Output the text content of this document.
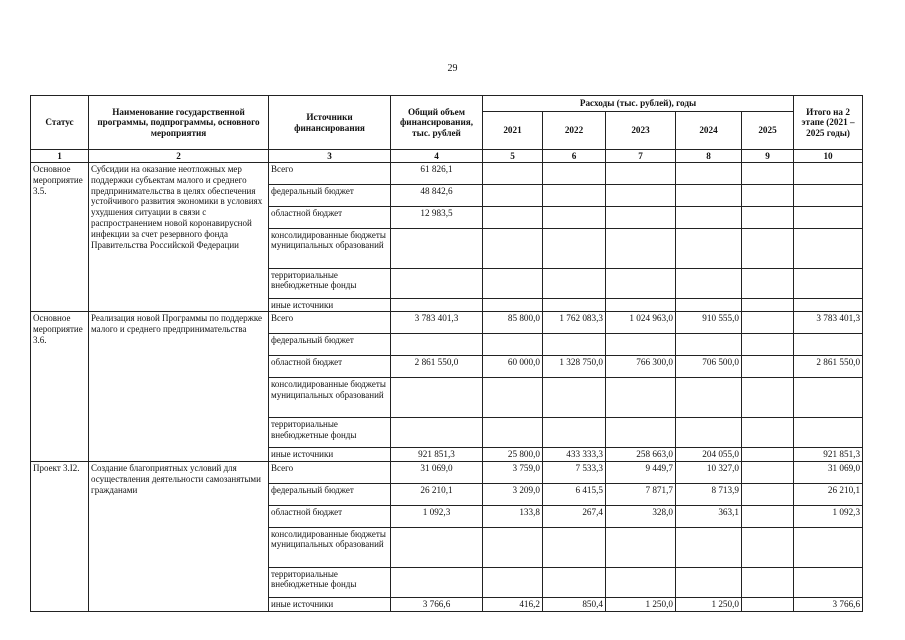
29
Статус	Наименование государственной программы, подпрограммы, основного мероприятия	Источники финансирования	Общий объем финансирования, тыс. рублей	Расходы (тыс. рублей), годы					Итого на 2 этапе (2021 – 2025 годы)
				2021	2022	2023	2024	2025	
1	2	3	4	5	6	7	8	9	10
Основное мероприятие 3.5.	Субсидии на оказание неотложных мер поддержки субъектам малого и среднего предпринимательства в целях обеспечения устойчивого развития экономики в условиях ухудшения ситуации в связи с распространением новой коронавирусной инфекции за счет резервного фонда Правительства Российской Федерации	Всего	61 826,1						
		федеральный бюджет	48 842,6						
		областной бюджет	12 983,5						
		консолидированные бюджеты муниципальных образований							
		территориальные внебюджетные фонды							
		иные источники							
Основное мероприятие 3.6.	Реализация новой Программы по поддержке малого и среднего предпринимательства	Всего	3 783 401,3	85 800,0	1 762 083,3	1 024 963,0	910 555,0		3 783 401,3
		федеральный бюджет							
		областной бюджет	2 861 550,0	60 000,0	1 328 750,0	766 300,0	706 500,0		2 861 550,0
		консолидированные бюджеты муниципальных образований							
		территориальные внебюджетные фонды							
		иные источники	921 851,3	25 800,0	433 333,3	258 663,0	204 055,0		921 851,3
Проект 3.I2.	Создание благоприятных условий для осуществления деятельности самозанятыми гражданами	Всего	31 069,0	3 759,0	7 533,3	9 449,7	10 327,0		31 069,0
		федеральный бюджет	26 210,1	3 209,0	6 415,5	7 871,7	8 713,9		26 210,1
		областной бюджет	1 092,3	133,8	267,4	328,0	363,1		1 092,3
		консолидированные бюджеты муниципальных образований							
		территориальные внебюджетные фонды							
		иные источники	3 766,6	416,2	850,4	1 250,0	1 250,0		3 766,6
